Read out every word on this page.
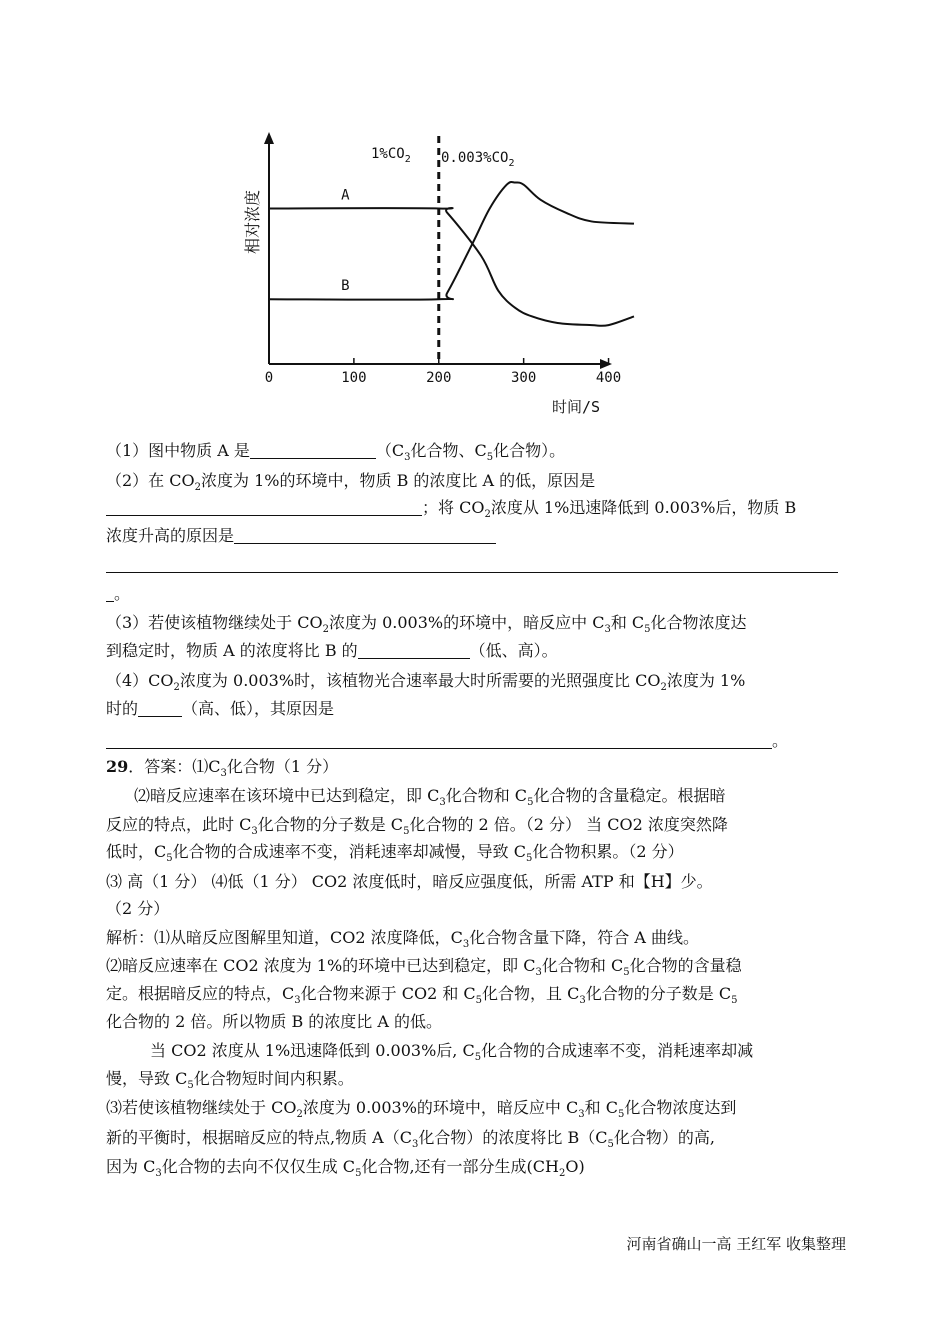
0	100	200	300	400
A
B
相对浓度
时间/S
$1\%CO_2$ $0.003\%CO_2$
（1）图中物质 A 是	（$C_3$化合物、$C_5$化合物）。
（2）在 $CO_2$浓度为 1%的环境中，物质 B 的浓度比 A 的低，原因是
；将 $CO_2$浓度从 1%迅速降低到 0.003%后，物质 B
浓度升高的原因是
。
（3）若使该植物继续处于 $CO_2$浓度为 0.003%的环境中，暗反应中 $C_3$和 $C_5$化合物浓度达
到稳定时，物质 A 的浓度将比 B 的	（低、高）。
$(4)CO_2$浓度为 0.003%时，该植物光合速率最大时所需要的光照强度比 $CO_2$浓度为 1%
时的	（高、低），其原因是
。
29．答案：$⑴C_3$化合物（1 分）
⑵暗反应速率在该环境中已达到稳定，即 $C_3$化合物和 $C_5$化合物的含量稳定。根据暗
反应的特点，此时 $C_3$化合物的分子数是 $C_5$化合物的 2 倍。（2 分） 当 CO2 浓度突然降
低时，$C_5$化合物的合成速率不变，消耗速率却减慢，导致 $C_5$化合物积累。（2 分）
⑶ 高（1 分） ⑷低（1 分） CO2 浓度低时，暗反应强度低，所需 ATP 和【H】少。
（2 分）
解析：⑴从暗反应图解里知道，CO2 浓度降低，$C_3$化合物含量下降，符合 A 曲线。
⑵暗反应速率在 CO2 浓度为 1%的环境中已达到稳定，即 $C_3$化合物和 $C_5$化合物的含量稳
定。根据暗反应的特点，$C_3$化合物来源于 CO2 和 $C_5$化合物，且 $C_3$化合物的分子数是 $C_5$
化合物的 2 倍。所以物质 B 的浓度比 A 的低。
当 CO2 浓度从 1%迅速降低到 0.003%后, $C_5$化合物的合成速率不变，消耗速率却减
慢，导致 $C_5$化合物短时间内积累。
⑶若使该植物继续处于 $CO_2$浓度为 0.003%的环境中，暗反应中 $C_3$和 $C_5$化合物浓度达到
新的平衡时，根据暗反应的特点,物质 $A(C_3$化合物）的浓度将比 $B(C_5$化合物）的高,
因为 $C_3$化合物的去向不仅仅生成 $C_5$化合物,还有一部分生成$(CH_2O)$
河南省确山一高 王红军 收集整理
